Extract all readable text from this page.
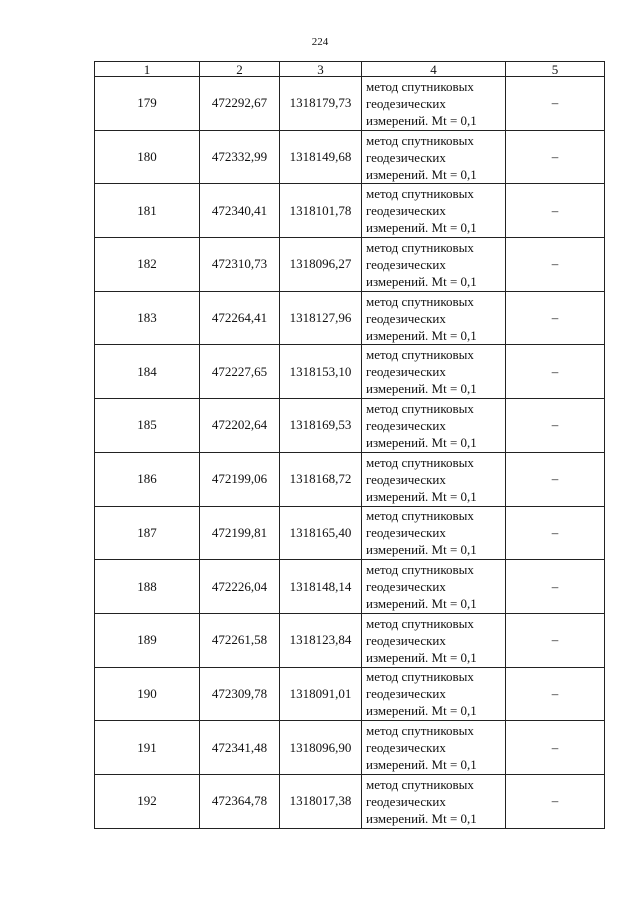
224
1	2	3	4	5
179	472292,67	1318179,73	метод спутниковых
геодезических
измерений. Mt = 0,1	–
180	472332,99	1318149,68	метод спутниковых
геодезических
измерений. Mt = 0,1	–
181	472340,41	1318101,78	метод спутниковых
геодезических
измерений. Mt = 0,1	–
182	472310,73	1318096,27	метод спутниковых
геодезических
измерений. Mt = 0,1	–
183	472264,41	1318127,96	метод спутниковых
геодезических
измерений. Mt = 0,1	–
184	472227,65	1318153,10	метод спутниковых
геодезических
измерений. Mt = 0,1	–
185	472202,64	1318169,53	метод спутниковых
геодезических
измерений. Mt = 0,1	–
186	472199,06	1318168,72	метод спутниковых
геодезических
измерений. Mt = 0,1	–
187	472199,81	1318165,40	метод спутниковых
геодезических
измерений. Mt = 0,1	–
188	472226,04	1318148,14	метод спутниковых
геодезических
измерений. Mt = 0,1	–
189	472261,58	1318123,84	метод спутниковых
геодезических
измерений. Mt = 0,1	–
190	472309,78	1318091,01	метод спутниковых
геодезических
измерений. Mt = 0,1	–
191	472341,48	1318096,90	метод спутниковых
геодезических
измерений. Mt = 0,1	–
192	472364,78	1318017,38	метод спутниковых
геодезических
измерений. Mt = 0,1	–
